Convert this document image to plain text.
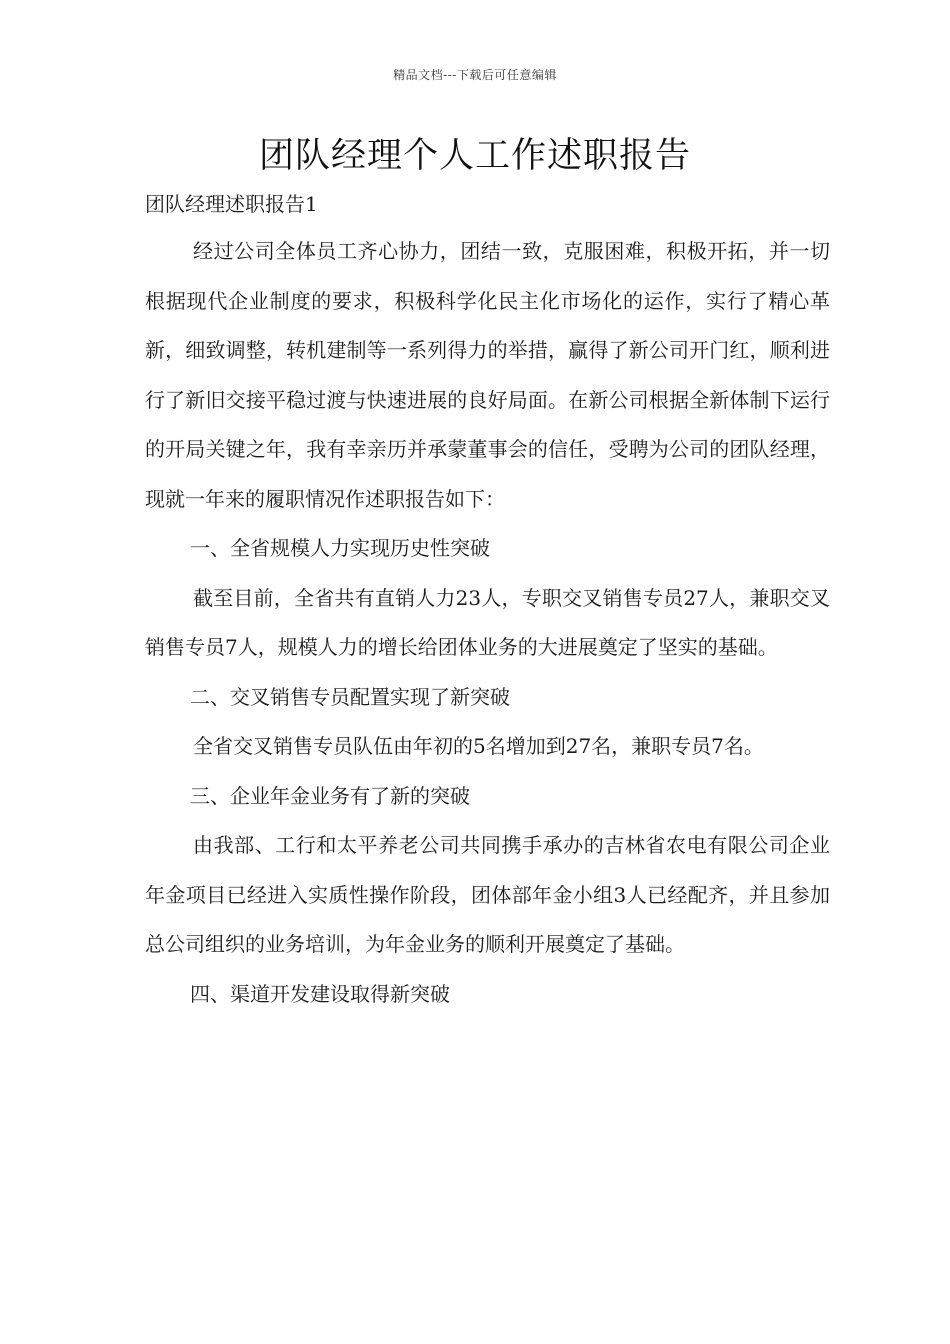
精品文档---下载后可任意编辑
团队经理个人工作述职报告
团队经理述职报告1

经过公司全体员工齐心协力，团结一致，克服困难，积极开拓，并一切根据现代企业制度的要求，积极科学化民主化市场化的运作，实行了精心革新，细致调整，转机建制等一系列得力的举措，赢得了新公司开门红，顺利进行了新旧交接平稳过渡与快速进展的良好局面。在新公司根据全新体制下运行的开局关键之年，我有幸亲历并承蒙董事会的信任，受聘为公司的团队经理，现就一年来的履职情况作述职报告如下：

一、全省规模人力实现历史性突破

截至目前，全省共有直销人力23人，专职交叉销售专员27人，兼职交叉销售专员7人，规模人力的增长给团体业务的大进展奠定了坚实的基础。

二、交叉销售专员配置实现了新突破

全省交叉销售专员队伍由年初的5名增加到27名，兼职专员7名。

三、企业年金业务有了新的突破

由我部、工行和太平养老公司共同携手承办的吉林省农电有限公司企业年金项目已经进入实质性操作阶段，团体部年金小组3人已经配齐，并且参加总公司组织的业务培训，为年金业务的顺利开展奠定了基础。

四、渠道开发建设取得新突破
